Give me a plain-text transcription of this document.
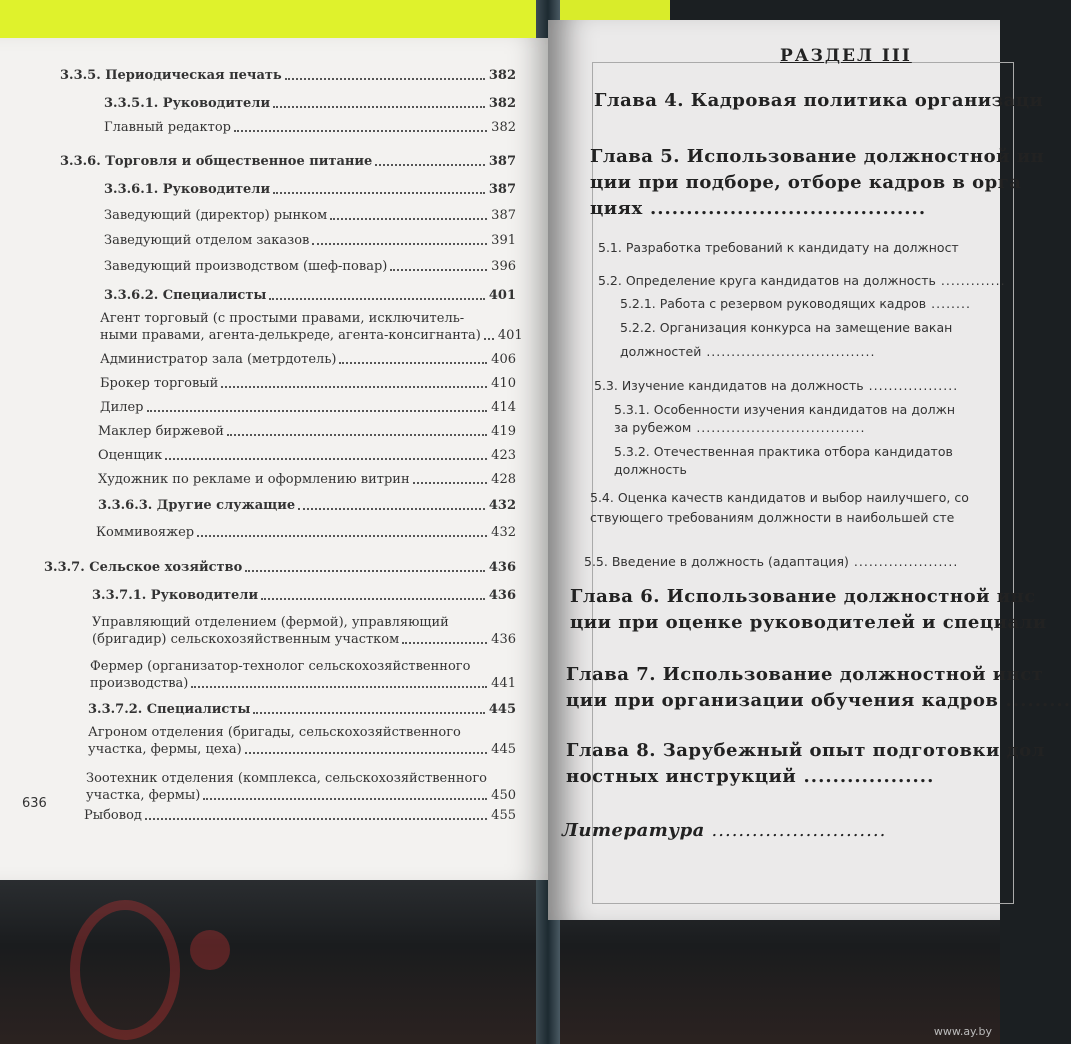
www.ay.by
3.3.5. Периодическая печать	382
3.3.5.1. Руководители	382
Главный редактор	382
3.3.6. Торговля и общественное питание	387
3.3.6.1. Руководители	387
Заведующий (директор) рынком	387
Заведующий отделом заказов	391
Заведующий производством (шеф-повар)	396
3.3.6.2. Специалисты	401
Агент торговый (с простыми правами, исключитель-
ными правами, агента-делькреде, агента-консигнанта)	401
Администратор зала (метрдотель)	406
Брокер торговый	410
Дилер	414
Маклер биржевой	419
Оценщик	423
Художник по рекламе и оформлению витрин	428
3.3.6.3. Другие служащие	432
Коммивояжер	432
3.3.7. Сельское хозяйство	436
3.3.7.1. Руководители	436
Управляющий отделением (фермой), управляющий
(бригадир) сельскохозяйственным участком	436
Фермер (организатор-технолог сельскохозяйственного
производства)	441
3.3.7.2. Специалисты	445
Агроном отделения (бригады, сельскохозяйственного
участка, фермы, цеха)	445
Зоотехник отделения (комплекса, сельскохозяйственного
участка, фермы)	450
Рыбовод	455
636
РАЗДЕЛ III
Глава 4. Кадровая политика организаци
Глава 5. Использование должностной ин
ции при подборе, отборе кадров в орга
циях ......................................
5.1. Разработка требований к кандидату на должност
5.2. Определение круга кандидатов на должность .............
5.2.1. Работа с резервом руководящих кадров ........
5.2.2. Организация конкурса на замещение вакан
должностей ..................................
5.3. Изучение кандидатов на должность ..................
5.3.1. Особенности изучения кандидатов на должн
за рубежом ..................................
5.3.2. Отечественная практика отбора кандидатов
должность
5.4. Оценка качеств кандидатов и выбор наилучшего, со
ствующего требованиям должности в наибольшей сте
5.5. Введение в должность (адаптация) .....................
Глава 6. Использование должностной инс
ции при оценке руководителей и специали
Глава 7. Использование должностной инст
ции при организации обучения кадров .........
Глава 8. Зарубежный опыт подготовки дол
ностных инструкций ..................
Литература ..........................
